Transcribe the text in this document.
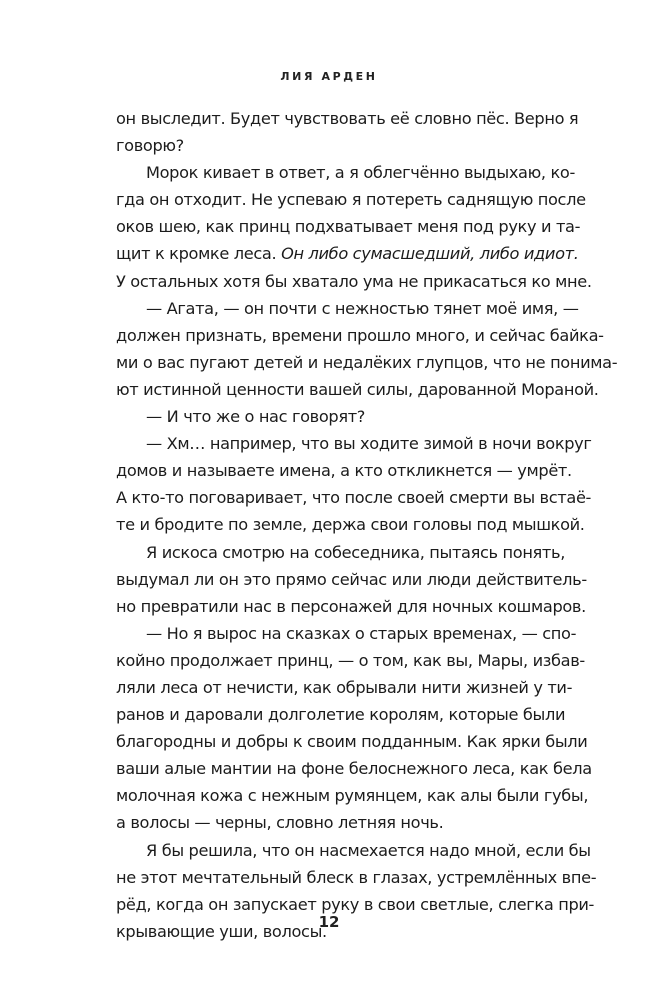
ЛИЯ АРДЕН
он выследит. Будет чувствовать её словно пёс. Верно я
говорю?
Морок кивает в ответ, а я облегчённо выдыхаю, ко-
гда он отходит. Не успеваю я потереть саднящую после
оков шею, как принц подхватывает меня под руку и та-
щит к кромке леса. Он либо сумасшедший, либо идиот.
У остальных хотя бы хватало ума не прикасаться ко мне.
— Агата, — он почти с нежностью тянет моё имя, —
должен признать, времени прошло много, и сейчас байка-
ми о вас пугают детей и недалёких глупцов, что не понима-
ют истинной ценности вашей силы, дарованной Мораной.
— И что же о нас говорят?
— Хм… например, что вы ходите зимой в ночи вокруг
домов и называете имена, а кто откликнется — умрёт.
А кто-то поговаривает, что после своей смерти вы встаё-
те и бродите по земле, держа свои головы под мышкой.
Я искоса смотрю на собеседника, пытаясь понять,
выдумал ли он это прямо сейчас или люди действитель-
но превратили нас в персонажей для ночных кошмаров.
— Но я вырос на сказках о старых временах, — спо-
койно продолжает принц, — о том, как вы, Мары, избав-
ляли леса от нечисти, как обрывали нити жизней у ти-
ранов и даровали долголетие королям, которые были
благородны и добры к своим подданным. Как ярки были
ваши алые мантии на фоне белоснежного леса, как бела
молочная кожа с нежным румянцем, как алы были губы,
а волосы — черны, словно летняя ночь.
Я бы решила, что он насмехается надо мной, если бы
не этот мечтательный блеск в глазах, устремлённых впе-
рёд, когда он запускает руку в свои светлые, слегка при-
крывающие уши, волосы.
12
